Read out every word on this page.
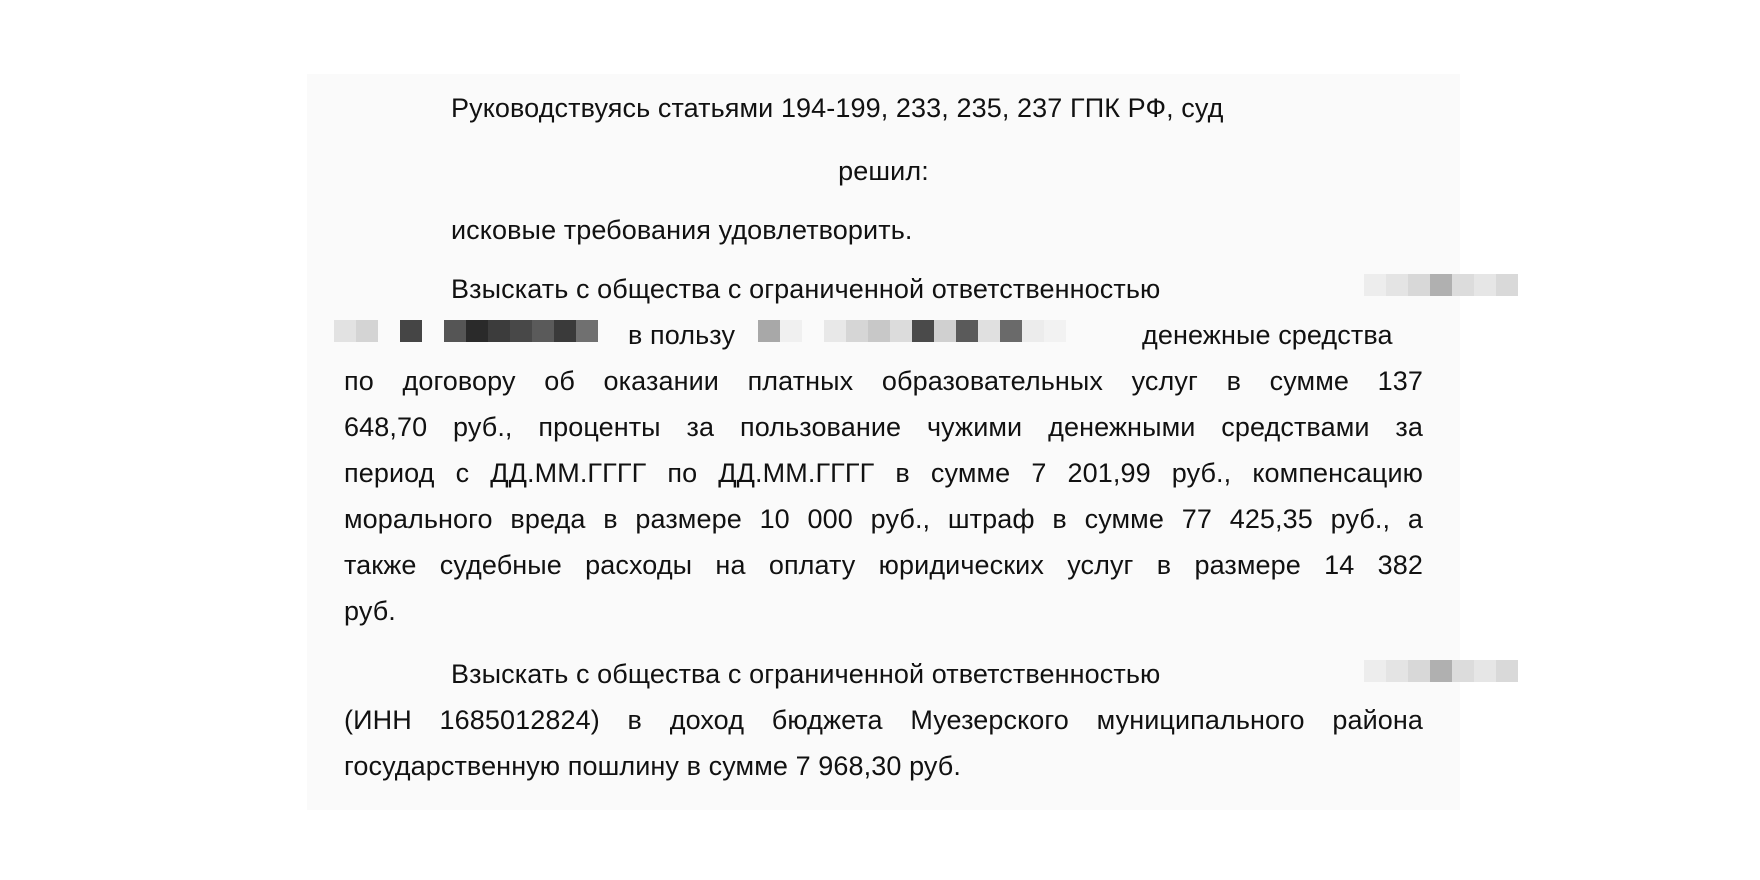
Руководствуясь статьями 194-199, 233, 235, 237 ГПК РФ, суд
решил:
исковые требования удовлетворить.
Взыскать с общества с ограниченной ответственностью
в пользу	денежные средства
по договору об оказании платных образовательных услуг в сумме 137
648,70 руб., проценты за пользование чужими денежными средствами за
период с ДД.ММ.ГГГГ по ДД.ММ.ГГГГ в сумме 7 201,99 руб., компенсацию
морального вреда в размере 10 000 руб., штраф в сумме 77 425,35 руб., а
также судебные расходы на оплату юридических услуг в размере 14 382
руб.
Взыскать с общества с ограниченной ответственностью
(ИНН 1685012824) в доход бюджета Муезерского муниципального района
государственную пошлину в сумме 7 968,30 руб.
